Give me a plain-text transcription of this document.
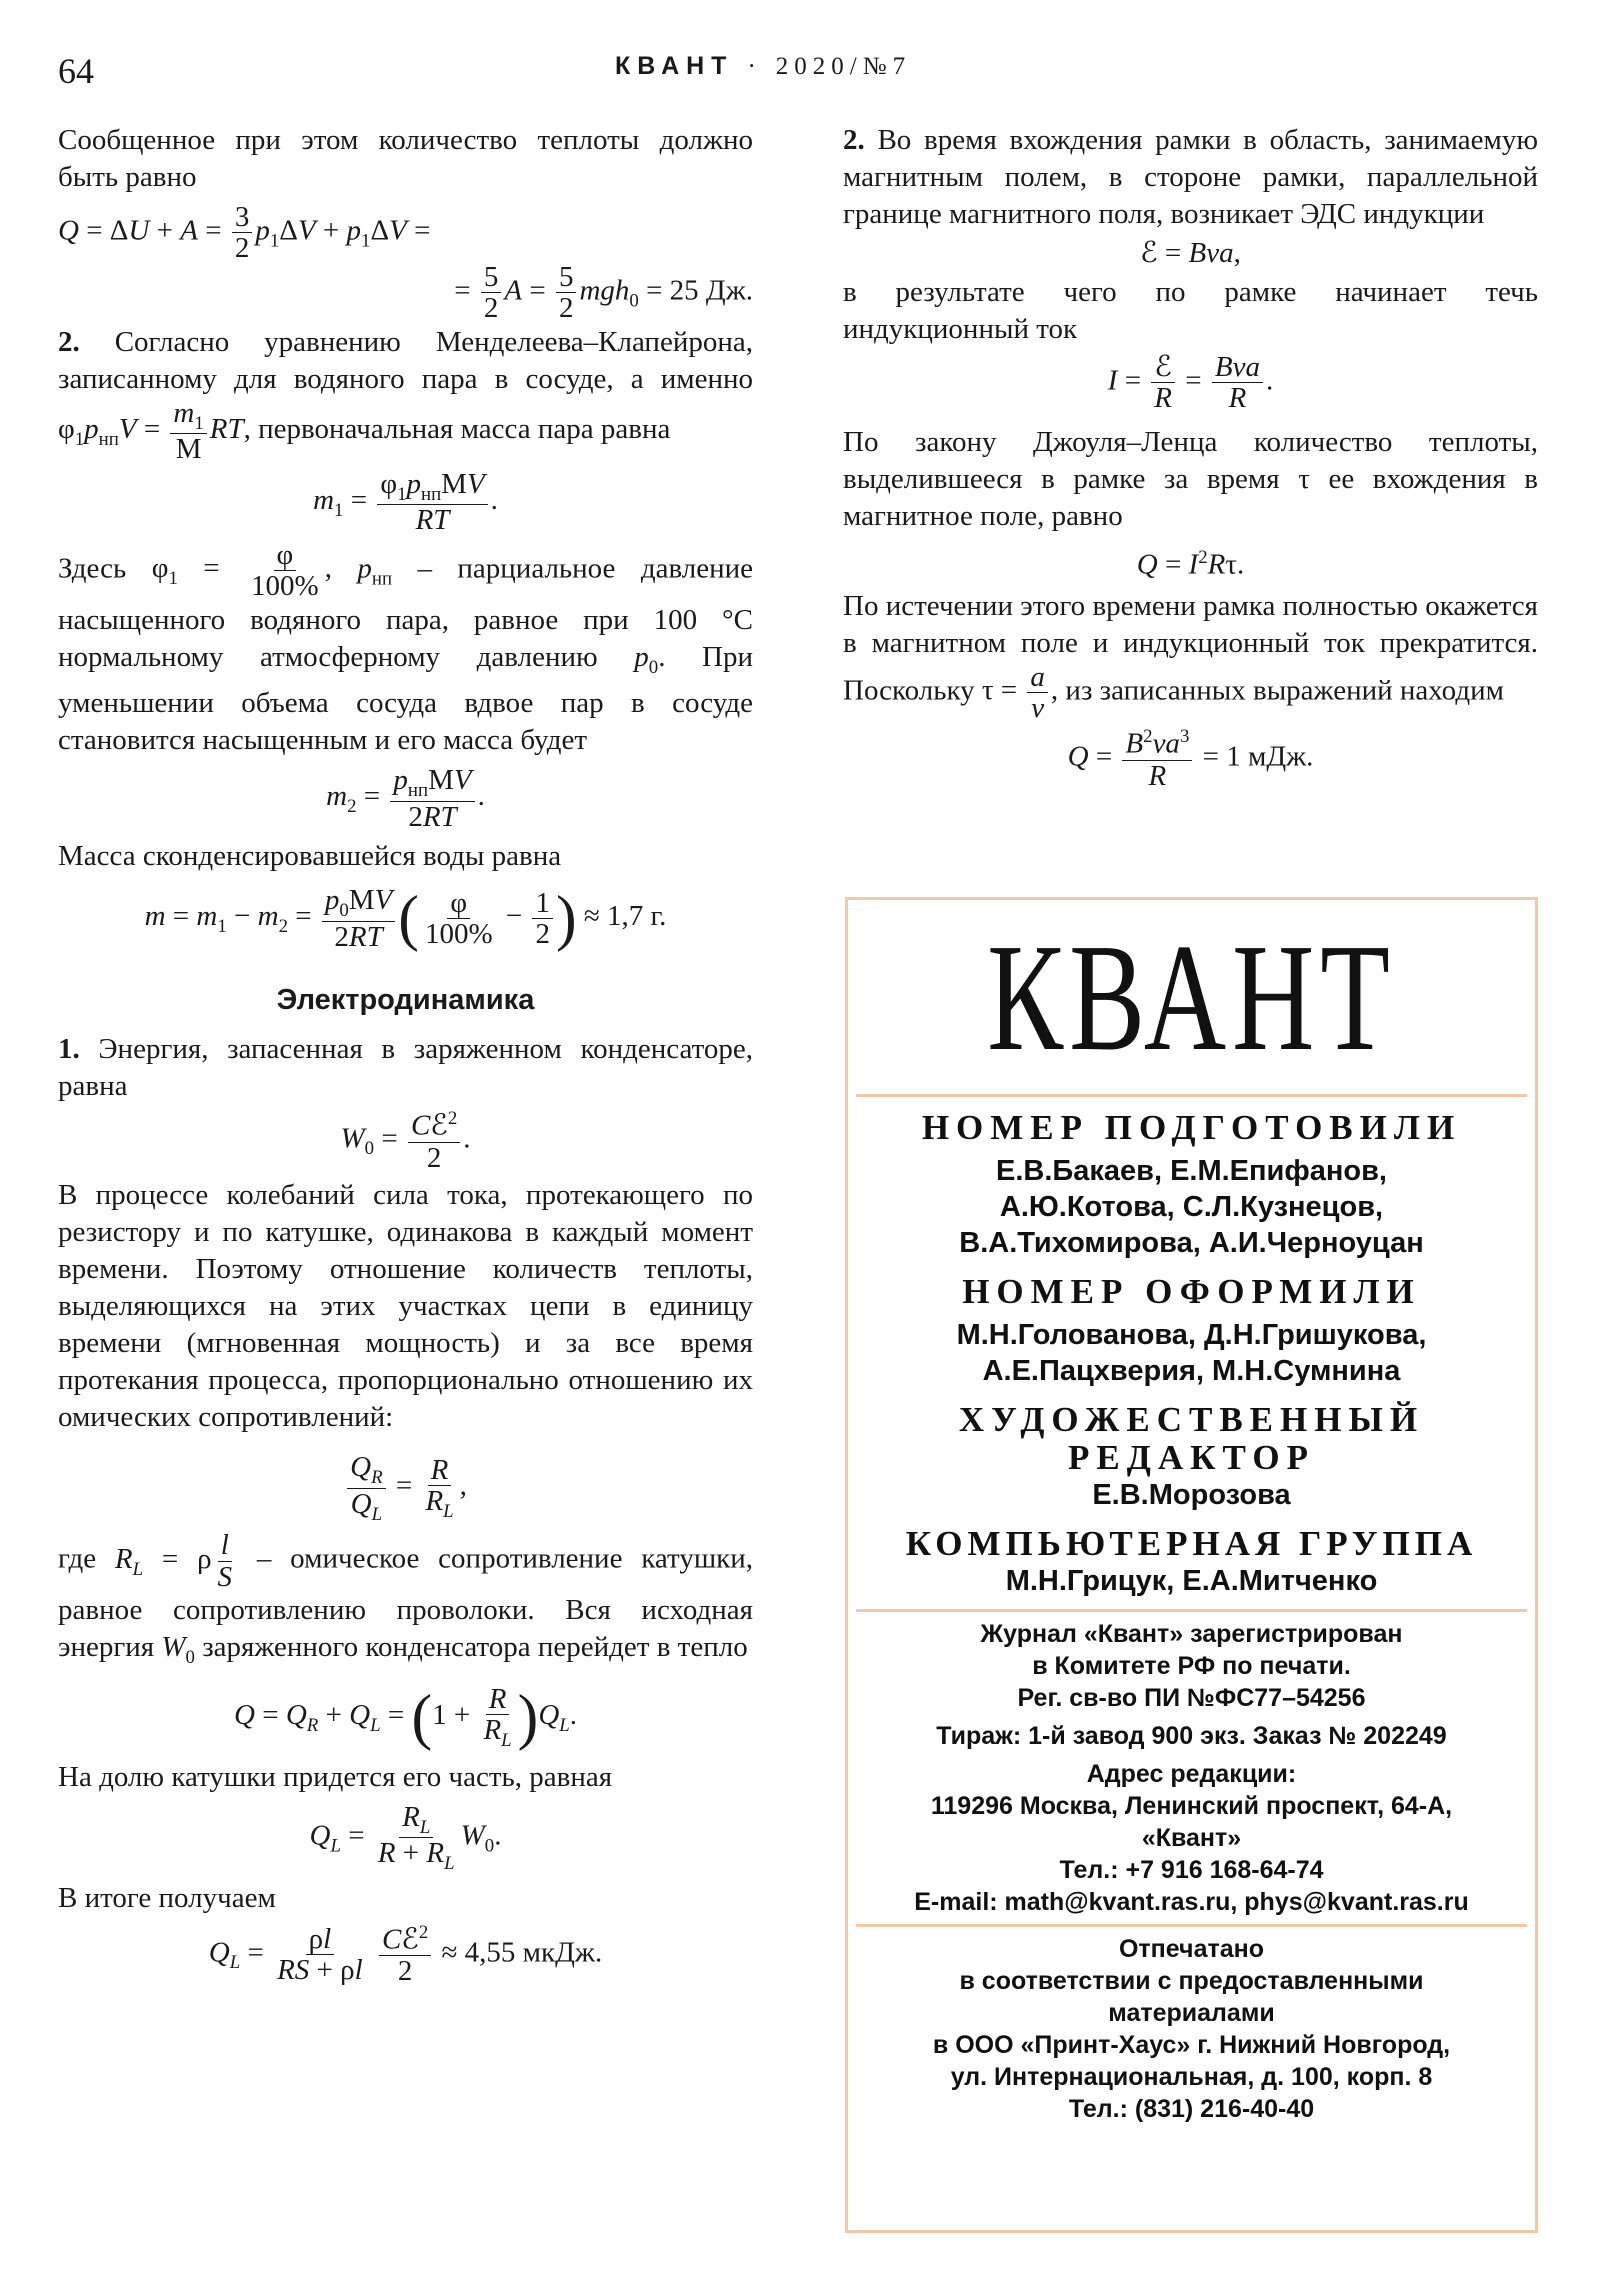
64	КВАНТ · 2020/№7

Сообщенное при этом количество теплоты должно быть равно

$Q = \Delta U + A = \frac{3}{2} p_1\Delta V + p_1\Delta V$ =
= $\frac{5}{2}$ $A = \frac{5}{2} mgh_0 = 25$ Дж.

2. Согласно уравнению Менделеева–Клапейрона, записанному для водяного пара в сосуде, а именно $\varphi_1p_{нп}V = \frac{m_1}{M}$ RT, первоначальная масса пара равна

$m_1 = \frac{\varphi_1p_{нп}MV}{RT}$ .

Здесь $\varphi_1 = \frac{\varphi}{100\%}$ , $p_{нп}$ – парциальное давление насыщенного водяного пара, равное при 100 °C нормальному атмосферному давлению $p_0$. При уменьшении объема сосуда вдвое пар в сосуде становится насыщенным и его масса будет

$m_2 = \frac{p_{нп}MV}{2RT}$ .

Масса сконденсировавшейся воды равна

$m = m_1 - m_2 = \frac{p_0MV}{2RT}$ ( $\frac{\varphi}{100\%} - \frac{1}{2}$ ) ≈ 1,7 г.
Электродинамика

1. Энергия, запасенная в заряженном конденсаторе, равна

$W_0 = \frac{Cℰ^2}{2}$ .

В процессе колебаний сила тока, протекающего по резистору и по катушке, одинакова в каждый момент времени. Поэтому отношение количеств теплоты, выделяющихся на этих участках цепи в единицу времени (мгновенная мощность) и за все время протекания процесса, пропорционально отношению их омических сопротивлений:

$\frac{Q_R}{Q_L} = \frac{R}{R_L}$ ,

где $R_L = \rho \frac{l}{S}$ – омическое сопротивление катушки, равное сопротивлению проволоки. Вся исходная энергия $W_0$ заряженного конденсатора перейдет в тепло

$Q = Q_R + Q_L = (1 + \frac{R}{R_L} )Q_L$.

На долю катушки придется его часть, равная

$Q_L = \frac{R_L}{R + R_L} W_0$.

В итоге получаем

$Q_L = \frac{\rho l}{RS + \rho l}$
$\frac{Cℰ^2}{2} \approx 4,55$ мкДж.

2. Во время вхождения рамки в область, занимаемую магнитным полем, в стороне рамки, параллельной границе магнитного поля, возникает ЭДС индукции

ℰ = Bva,

в результате чего по рамке начинает течь индукционный ток

$I = \frac{\text{ℰ}}{R} = \frac{\text{Bva}}{R}$ .

По закону Джоуля–Ленца количество теплоты, выделившееся в рамке за время τ ее вхождения в магнитное поле, равно

$Q = I^2R\tau$.

По истечении этого времени рамка полностью окажется в магнитном поле и индукционный ток прекратится. Поскольку $\tau = \frac{a}{v}$ , из записанных выражений находим

$Q = \frac{B^2va^3}{R} = 1$ мДж.
КВАНТ
НОМЕР ПОДГОТОВИЛИ
Е.В.Бакаев, Е.М.Епифанов,
А.Ю.Котова, С.Л.Кузнецов,
В.А.Тихомирова, А.И.Черноуцан
НОМЕР ОФОРМИЛИ
М.Н.Голованова, Д.Н.Гришукова,
А.Е.Пацхверия, М.Н.Сумнина
ХУДОЖЕСТВЕННЫЙ
РЕДАКТОР
Е.В.Морозова
КОМПЬЮТЕРНАЯ ГРУППА
М.Н.Грицук, Е.А.Митченко
Журнал «Квант» зарегистрирован
в Комитете РФ по печати.
Рег. св-во ПИ №ФС77–54256
Тираж: 1-й завод 900 экз. Заказ № 202249
Адрес редакции:
119296 Москва, Ленинский проспект, 64-А,
«Квант»
Тел.: +7 916 168-64-74
E-mail: math@kvant.ras.ru, phys@kvant.ras.ru
Отпечатано
в соответствии с предоставленными
материалами
в ООО «Принт-Хаус» г. Нижний Новгород,
ул. Интернациональная, д. 100, корп. 8
Тел.: (831) 216-40-40
